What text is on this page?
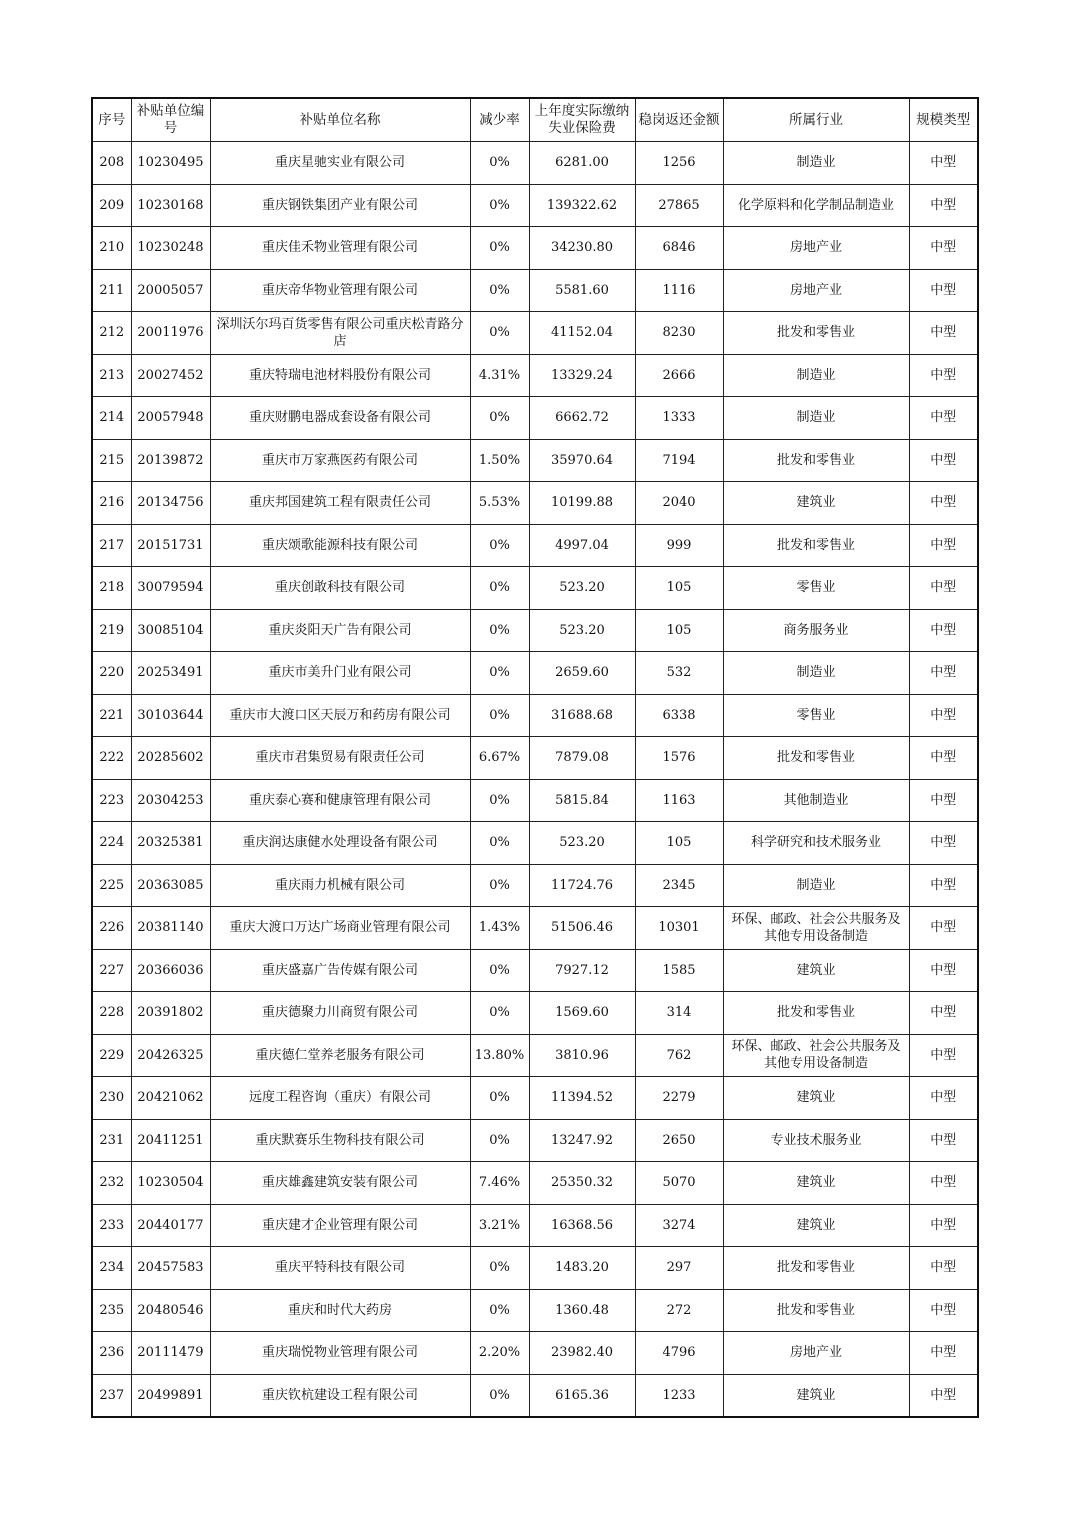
序号	补贴单位编号	补贴单位名称	减少率	上年度实际缴纳失业保险费	稳岗返还金额	所属行业	规模类型
208	10230495	重庆星驰实业有限公司	0%	6281.00	1256	制造业	中型
209	10230168	重庆钢铁集团产业有限公司	0%	139322.62	27865	化学原料和化学制品制造业	中型
210	10230248	重庆佳禾物业管理有限公司	0%	34230.80	6846	房地产业	中型
211	20005057	重庆帝华物业管理有限公司	0%	5581.60	1116	房地产业	中型
212	20011976	深圳沃尔玛百货零售有限公司重庆松青路分店	0%	41152.04	8230	批发和零售业	中型
213	20027452	重庆特瑞电池材料股份有限公司	4.31%	13329.24	2666	制造业	中型
214	20057948	重庆财鹏电器成套设备有限公司	0%	6662.72	1333	制造业	中型
215	20139872	重庆市万家燕医药有限公司	1.50%	35970.64	7194	批发和零售业	中型
216	20134756	重庆邦国建筑工程有限责任公司	5.53%	10199.88	2040	建筑业	中型
217	20151731	重庆颂歌能源科技有限公司	0%	4997.04	999	批发和零售业	中型
218	30079594	重庆创敢科技有限公司	0%	523.20	105	零售业	中型
219	30085104	重庆炎阳天广告有限公司	0%	523.20	105	商务服务业	中型
220	20253491	重庆市美升门业有限公司	0%	2659.60	532	制造业	中型
221	30103644	重庆市大渡口区天辰万和药房有限公司	0%	31688.68	6338	零售业	中型
222	20285602	重庆市君集贸易有限责任公司	6.67%	7879.08	1576	批发和零售业	中型
223	20304253	重庆泰心赛和健康管理有限公司	0%	5815.84	1163	其他制造业	中型
224	20325381	重庆润达康健水处理设备有限公司	0%	523.20	105	科学研究和技术服务业	中型
225	20363085	重庆雨力机械有限公司	0%	11724.76	2345	制造业	中型
226	20381140	重庆大渡口万达广场商业管理有限公司	1.43%	51506.46	10301	环保、邮政、社会公共服务及其他专用设备制造	中型
227	20366036	重庆盛嘉广告传媒有限公司	0%	7927.12	1585	建筑业	中型
228	20391802	重庆德聚力川商贸有限公司	0%	1569.60	314	批发和零售业	中型
229	20426325	重庆德仁堂养老服务有限公司	13.80%	3810.96	762	环保、邮政、社会公共服务及其他专用设备制造	中型
230	20421062	远度工程咨询（重庆）有限公司	0%	11394.52	2279	建筑业	中型
231	20411251	重庆默赛乐生物科技有限公司	0%	13247.92	2650	专业技术服务业	中型
232	10230504	重庆雄鑫建筑安装有限公司	7.46%	25350.32	5070	建筑业	中型
233	20440177	重庆建才企业管理有限公司	3.21%	16368.56	3274	建筑业	中型
234	20457583	重庆平特科技有限公司	0%	1483.20	297	批发和零售业	中型
235	20480546	重庆和时代大药房	0%	1360.48	272	批发和零售业	中型
236	20111479	重庆瑞悦物业管理有限公司	2.20%	23982.40	4796	房地产业	中型
237	20499891	重庆钦杭建设工程有限公司	0%	6165.36	1233	建筑业	中型
